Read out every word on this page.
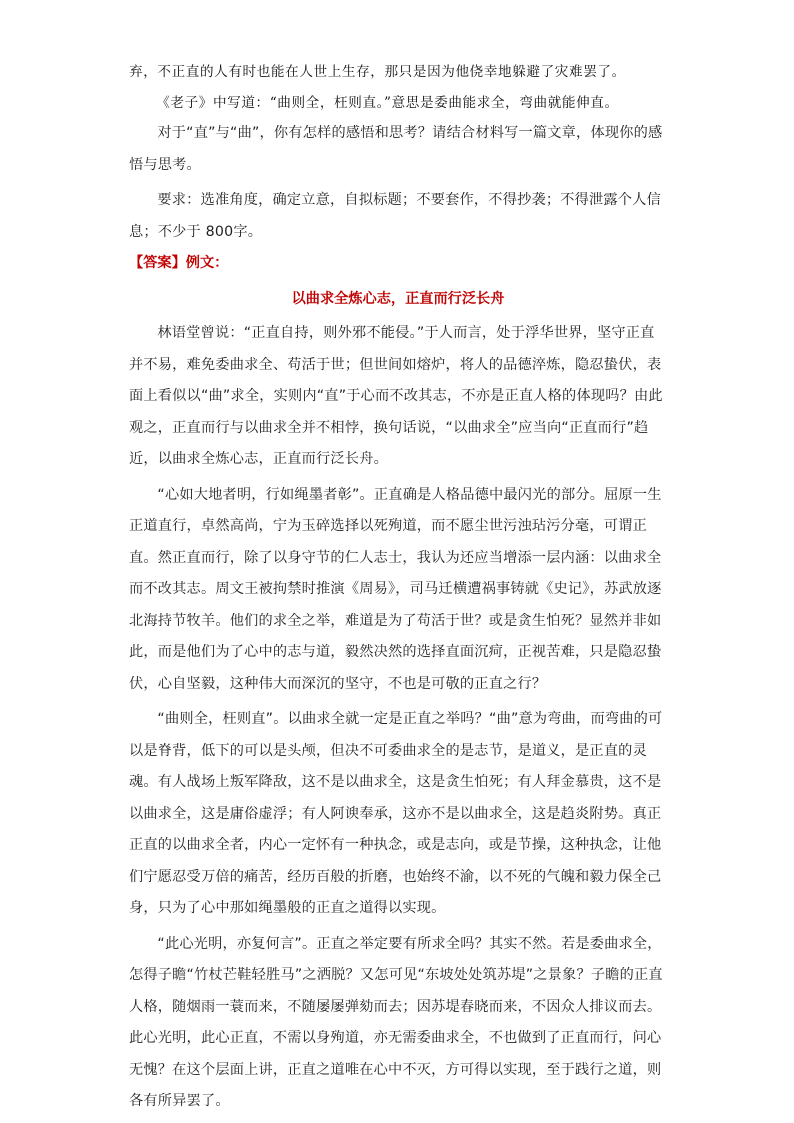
弃，不正直的人有时也能在人世上生存，那只是因为他侥幸地躲避了灾难罢了。

《老子》中写道：“曲则全，枉则直。”意思是委曲能求全，弯曲就能伸直。

对于“直”与“曲”，你有怎样的感悟和思考？请结合材料写一篇文章，体现你的感悟与思考。

要求：选准角度，确定立意，自拟标题；不要套作，不得抄袭；不得泄露个人信息；不少于 800字。

【答案】例文：

以曲求全炼心志，正直而行泛长舟

林语堂曾说：“正直自持，则外邪不能侵。”于人而言，处于浮华世界，坚守正直并不易，难免委曲求全、苟活于世；但世间如熔炉，将人的品德淬炼，隐忍蛰伏，表面上看似以“曲”求全，实则内“直”于心而不改其志，不亦是正直人格的体现吗？由此观之，正直而行与以曲求全并不相悖，换句话说，“以曲求全”应当向“正直而行”趋近，以曲求全炼心志，正直而行泛长舟。

“心如大地者明，行如绳墨者彰”。正直确是人格品德中最闪光的部分。屈原一生正道直行，卓然高尚，宁为玉碎选择以死殉道，而不愿尘世污浊玷污分毫，可谓正直。然正直而行，除了以身守节的仁人志士，我认为还应当增添一层内涵：以曲求全而不改其志。周文王被拘禁时推演《周易》，司马迁横遭祸事铸就《史记》，苏武放逐北海持节牧羊。他们的求全之举，难道是为了苟活于世？或是贪生怕死？显然并非如此，而是他们为了心中的志与道，毅然决然的选择直面沉疴，正视苦难，只是隐忍蛰伏，心自坚毅，这种伟大而深沉的坚守，不也是可敬的正直之行？

“曲则全，枉则直”。以曲求全就一定是正直之举吗？“曲”意为弯曲，而弯曲的可以是脊背，低下的可以是头颅，但决不可委曲求全的是志节，是道义，是正直的灵魂。有人战场上叛军降敌，这不是以曲求全，这是贪生怕死；有人拜金慕贵，这不是以曲求全，这是庸俗虚浮；有人阿谀奉承，这亦不是以曲求全，这是趋炎附势。真正正直的以曲求全者，内心一定怀有一种执念，或是志向，或是节操，这种执念，让他们宁愿忍受万倍的痛苦，经历百般的折磨，也始终不渝，以不死的气魄和毅力保全己身，只为了心中那如绳墨般的正直之道得以实现。

“此心光明，亦复何言”。正直之举定要有所求全吗？其实不然。若是委曲求全，怎得子瞻“竹杖芒鞋轻胜马”之洒脱？又怎可见“东坡处处筑苏堤”之景象？子瞻的正直人格，随烟雨一蓑而来，不随屡屡弹劾而去；因苏堤春晓而来，不因众人排议而去。此心光明，此心正直，不需以身殉道，亦无需委曲求全，不也做到了正直而行，问心无愧？在这个层面上讲，正直之道唯在心中不灭，方可得以实现，至于践行之道，则各有所异罢了。
